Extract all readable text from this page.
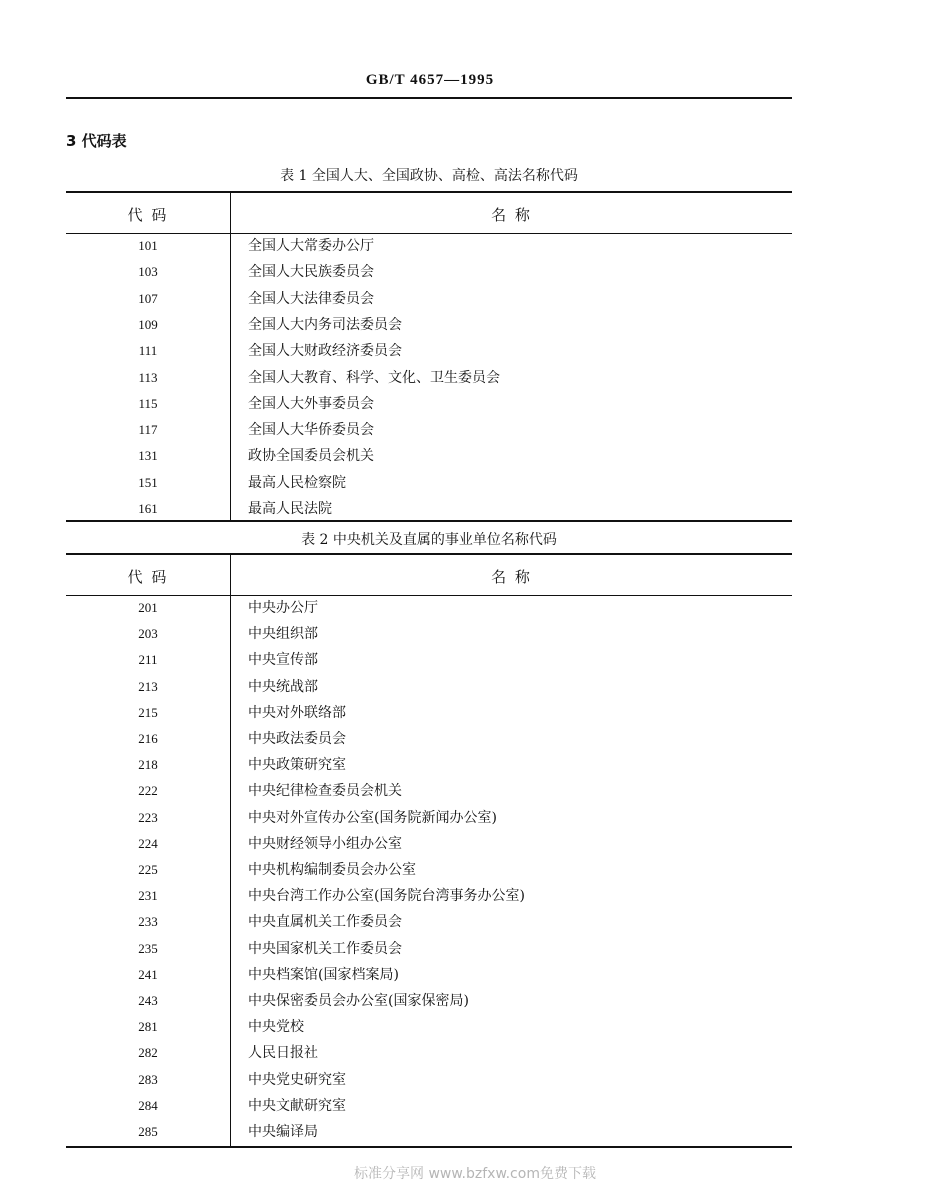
GB/T 4657—1995
3 代码表
表 1 全国人大、全国政协、高检、高法名称代码
代 码	名 称
101	全国人大常委办公厅
103	全国人大民族委员会
107	全国人大法律委员会
109	全国人大内务司法委员会
111	全国人大财政经济委员会
113	全国人大教育、科学、文化、卫生委员会
115	全国人大外事委员会
117	全国人大华侨委员会
131	政协全国委员会机关
151	最高人民检察院
161	最高人民法院
表 2 中央机关及直属的事业单位名称代码
代 码	名 称
201	中央办公厅
203	中央组织部
211	中央宣传部
213	中央统战部
215	中央对外联络部
216	中央政法委员会
218	中央政策研究室
222	中央纪律检查委员会机关
223	中央对外宣传办公室(国务院新闻办公室)
224	中央财经领导小组办公室
225	中央机构编制委员会办公室
231	中央台湾工作办公室(国务院台湾事务办公室)
233	中央直属机关工作委员会
235	中央国家机关工作委员会
241	中央档案馆(国家档案局)
243	中央保密委员会办公室(国家保密局)
281	中央党校
282	人民日报社
283	中央党史研究室
284	中央文献研究室
285	中央编译局
标准分享网 www.bzfxw.com免费下载
